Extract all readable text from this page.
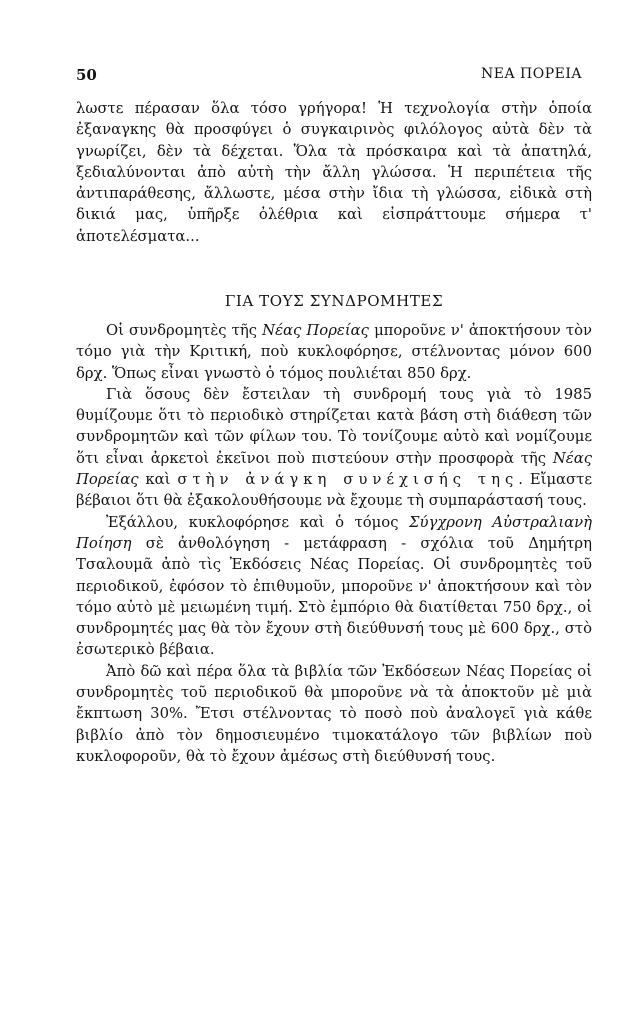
50	ΝΕΑ ΠΟΡΕΙΑ

λωστε πέρασαν ὅλα τόσο γρήγορα! Ἡ τεχνολογία στὴν ὁποία ἐξαναγκης θὰ προσφύγει ὁ συγκαιρινὸς φιλόλογος αὐτὰ δὲν τὰ γνωρίζει, δὲν τὰ δέχεται. Ὅλα τὰ πρόσκαιρα καὶ τὰ ἀπατηλά, ξεδιαλύνονται ἀπὸ αὐτὴ τὴν ἄλλη γλώσσα. Ἡ περιπέτεια τῆς ἀντιπαράθεσης, ἄλλωστε, μέσα στὴν ἴδια τὴ γλώσσα, εἰδικὰ στὴ δικιά μας, ὑπῆρξε ὀλέθρια καὶ εἰσπράττουμε σήμερα τ' ἀποτελέσματα...

ΓΙΑ ΤΟΥΣ ΣΥΝΔΡΟΜΗΤΕΣ

Οἱ συνδρομητὲς τῆς Νέας Πορείας μποροῦνε ν' ἀποκτήσουν τὸν τόμο γιὰ τὴν Κριτική, ποὺ κυκλοφόρησε, στέλνοντας μόνον 600 δρχ. Ὅπως εἶναι γνωστὸ ὁ τόμος πουλιέται 850 δρχ.

Γιὰ ὅσους δὲν ἔστειλαν τὴ συνδρομή τους γιὰ τὸ 1985 θυμίζουμε ὅτι τὸ περιοδικὸ στηρίζεται κατὰ βάση στὴ διάθεση τῶν συνδρομητῶν καὶ τῶν φίλων του. Τὸ τονίζουμε αὐτὸ καὶ νομίζουμε ὅτι εἶναι ἀρκετοὶ ἐκεῖνοι ποὺ πιστεύουν στὴν προσφορὰ τῆς Νέας Πορείας καὶ στὴν ἀνάγκη συνέχισής της. Εἴμαστε βέβαιοι ὅτι θὰ ἐξακολουθήσουμε νὰ ἔχουμε τὴ συμπαράστασή τους.

Ἐξάλλου, κυκλοφόρησε καὶ ὁ τόμος Σύγχρονη Αὐστραλιανὴ Ποίηση σὲ ἀνθολόγηση - μετάφραση - σχόλια τοῦ Δημήτρη Τσαλουμᾶ ἀπὸ τὶς Ἐκδόσεις Νέας Πορείας. Οἱ συνδρομητὲς τοῦ περιοδικοῦ, ἐφόσον τὸ ἐπιθυμοῦν, μποροῦνε ν' ἀποκτήσουν καὶ τὸν τόμο αὐτὸ μὲ μειωμένη τιμή. Στὸ ἐμπόριο θὰ διατίθεται 750 δρχ., οἱ συνδρομητές μας θὰ τὸν ἔχουν στὴ διεύθυνσή τους μὲ 600 δρχ., στὸ ἐσωτερικὸ βέβαια.

Ἀπὸ δῶ καὶ πέρα ὅλα τὰ βιβλία τῶν Ἐκδόσεων Νέας Πορείας οἱ συνδρομητὲς τοῦ περιοδικοῦ θὰ μποροῦνε νὰ τὰ ἀποκτοῦν μὲ μιὰ ἔκπτωση 30%. Ἔτσι στέλνοντας τὸ ποσὸ ποὺ ἀναλογεῖ γιὰ κάθε βιβλίο ἀπὸ τὸν δημοσιευμένο τιμοκατάλογο τῶν βιβλίων ποὺ κυκλοφοροῦν, θὰ τὸ ἔχουν ἀμέσως στὴ διεύθυνσή τους.
